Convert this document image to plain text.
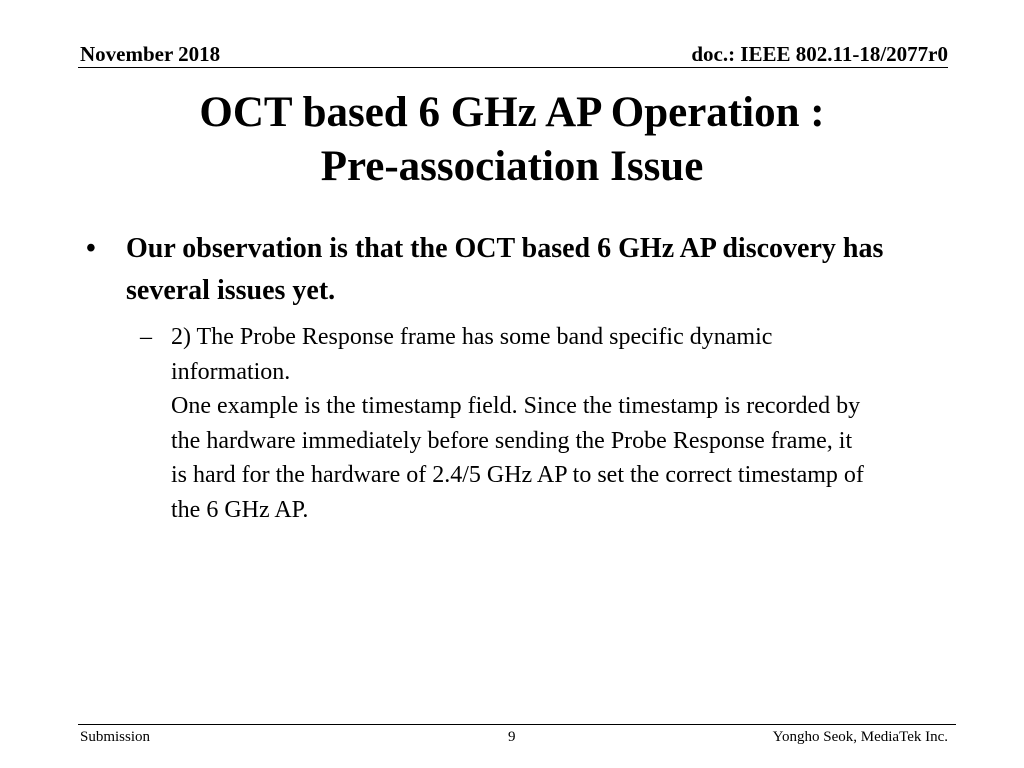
November 2018	doc.: IEEE 802.11-18/2077r0
OCT based 6 GHz AP Operation :
Pre-association Issue
• Our observation is that the OCT based 6 GHz AP discovery has several issues yet.
– 2) The Probe Response frame has some band specific dynamic information.
One example is the timestamp field. Since the timestamp is recorded by the hardware immediately before sending the Probe Response frame, it is hard for the hardware of 2.4/5 GHz AP to set the correct timestamp of the 6 GHz AP.
Submission	9	Yongho Seok, MediaTek Inc.
